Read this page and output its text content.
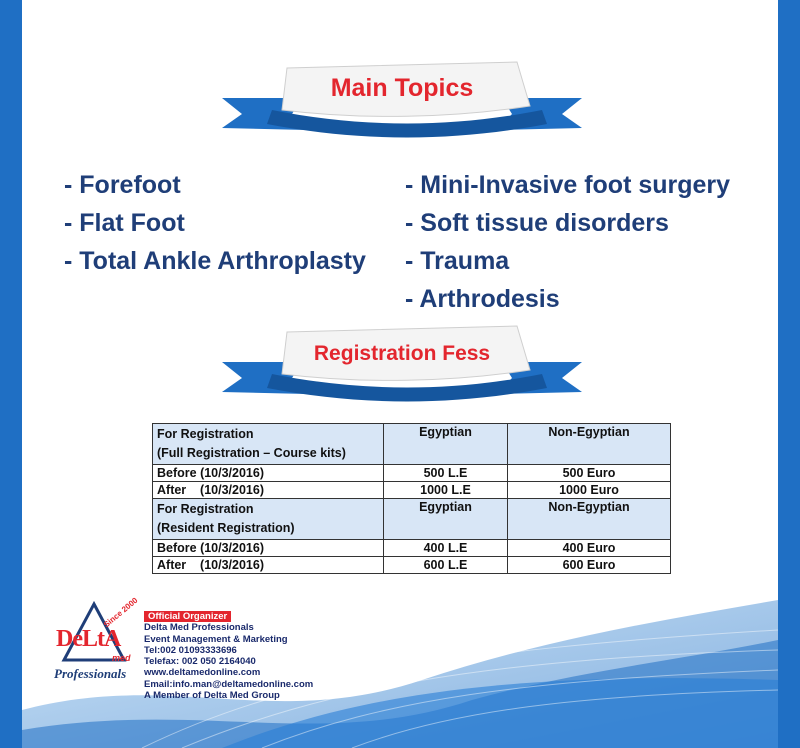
Main Topics
- Forefoot
- Flat Foot
- Total Ankle Arthroplasty
- Mini-Invasive foot surgery
- Soft tissue disorders
- Trauma
- Arthrodesis
Registration Fess
For Registration
(Full Registration – Course kits)	Egyptian	Non-Egyptian
Before (10/3/2016)	500 L.E	500 Euro
After    (10/3/2016)	1000 L.E	1000 Euro

For Registration
(Resident Registration)	Egyptian	Non-Egyptian
Before (10/3/2016)	400 L.E	400 Euro
After    (10/3/2016)	600 L.E	600 Euro
Since 2000
DeLtA
med
Professionals
Official Organizer
Delta Med Professionals
Event Management & Marketing
Tel:002 01093333696
Telefax: 002 050 2164040
www.deltamedonline.com
Email:info.man@deltamedonline.com
A Member of Delta Med Group
